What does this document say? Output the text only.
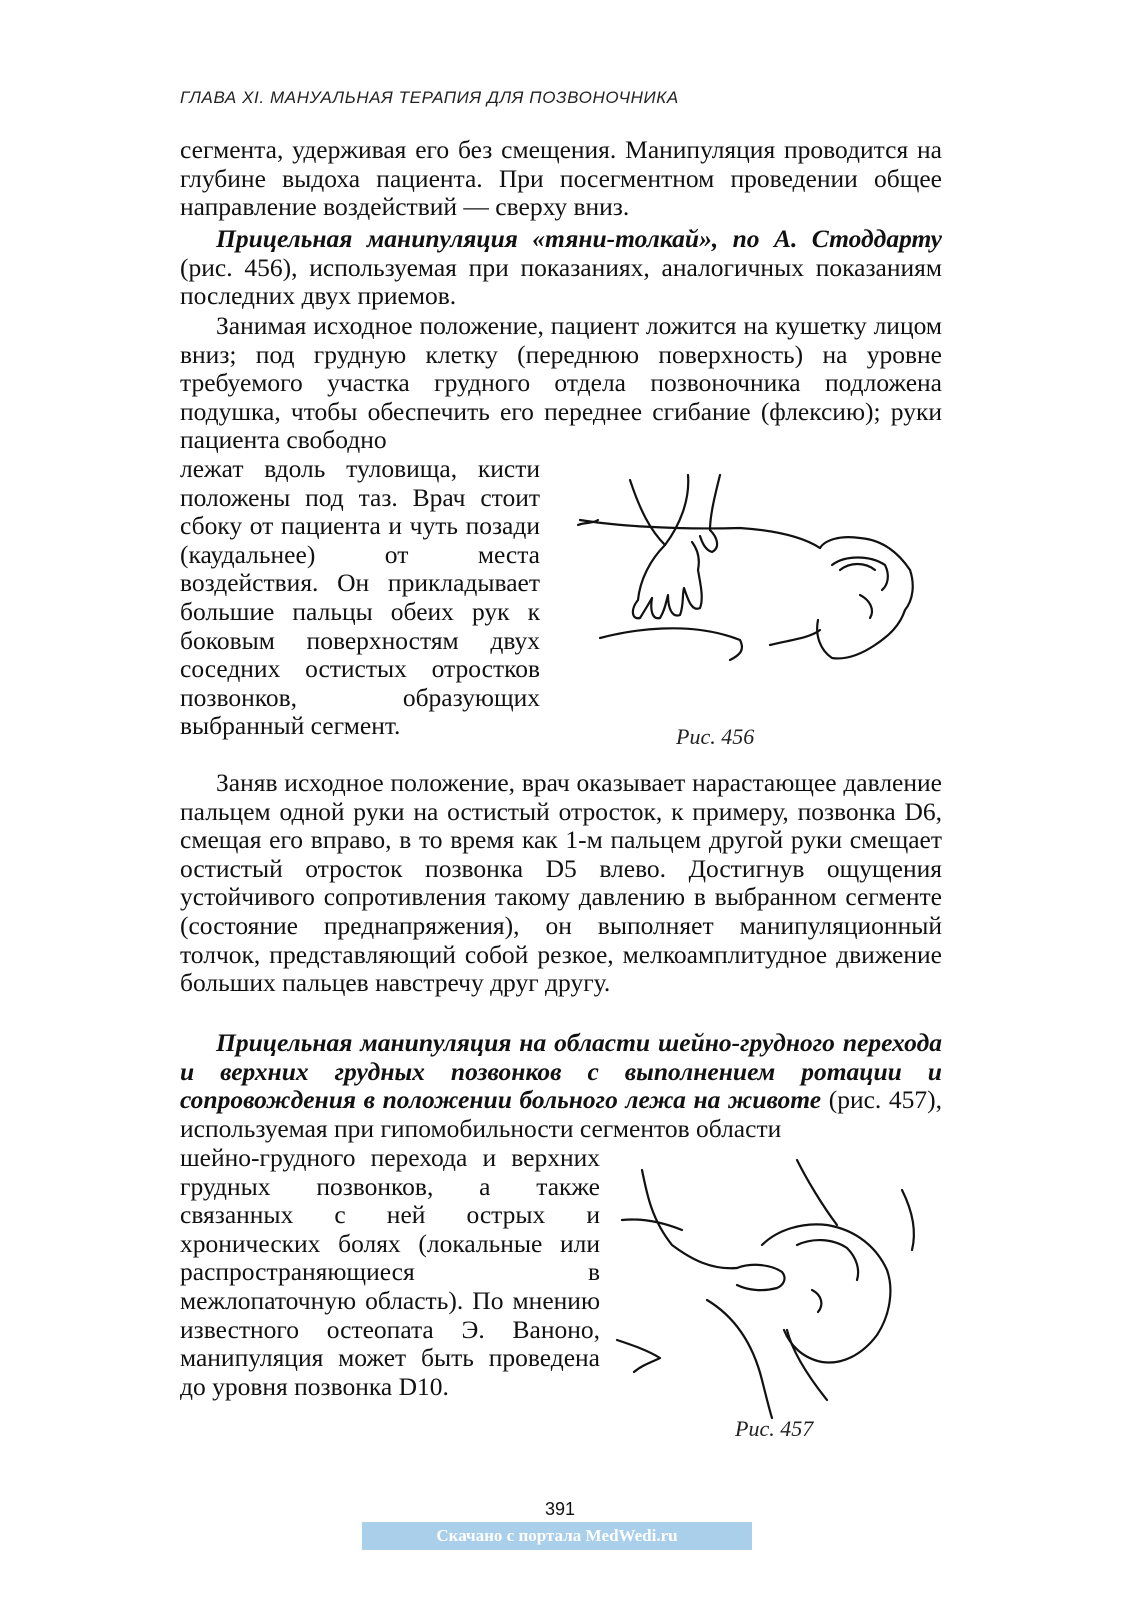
ГЛАВА XI. МАНУАЛЬНАЯ ТЕРАПИЯ ДЛЯ ПОЗВОНОЧНИКА

сегмента, удерживая его без смещения. Манипуляция проводится на глубине выдоха пациента. При посегментном проведении общее направление воздействий — сверху вниз.

Прицельная манипуляция «тяни-толкай», по А. Стоддарту (рис. 456), используемая при показаниях, аналогичных показаниям последних двух приемов.

Занимая исходное положение, пациент ложится на кушетку лицом вниз; под грудную клетку (переднюю поверхность) на уровне требуемого участка грудного отдела позвоночника подложена подушка, чтобы обеспечить его переднее сгибание (флексию); руки пациента свободно

лежат вдоль туловища, кисти положены под таз. Врач стоит сбоку от пациента и чуть позади (каудальнее) от места воздействия. Он прикладывает большие пальцы обеих рук к боковым поверхностям двух соседних остистых отростков позвонков, образующих выбранный сегмент.	Рис. 456

Заняв исходное положение, врач оказывает нарастающее давление пальцем одной руки на остистый отросток, к примеру, позвонка D6, смещая его вправо, в то время как 1-м пальцем другой руки смещает остистый отросток позвонка D5 влево. Достигнув ощущения устойчивого сопротивления такому давлению в выбранном сегменте (состояние преднапряжения), он выполняет манипуляционный толчок, представляющий собой резкое, мелкоамплитудное движение больших пальцев навстречу друг другу.

Прицельная манипуляция на области шейно-грудного перехода и верхних грудных позвонков с выполнением ротации и сопровождения в положении больного лежа на животе (рис. 457), используемая при гипомобильности сегментов области

шейно-грудного перехода и верхних грудных позвонков, а также связанных с ней острых и хронических болях (локальные или распространяющиеся в межлопаточную область). По мнению известного остеопата Э. Ваноно, манипуляция может быть проведена до уровня позвонка D10.

Рис. 457
391
Скачано с портала MedWedi.ru
